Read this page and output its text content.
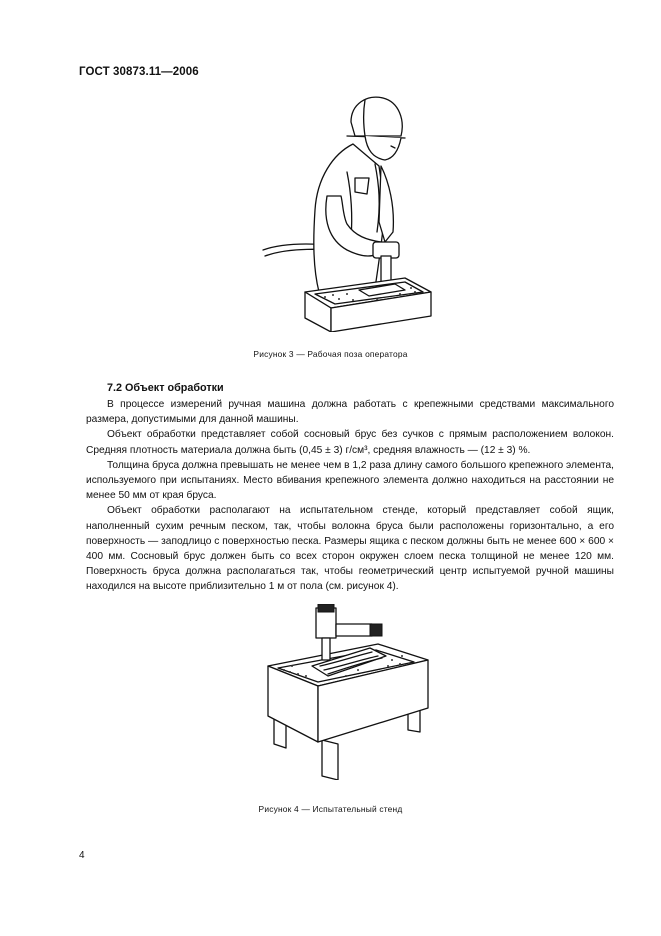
ГОСТ 30873.11—2006
Рисунок 3 — Рабочая поза оператора
7.2 Объект обработки

В процессе измерений ручная машина должна работать с крепежными средствами максимального размера, допустимыми для данной машины.

Объект обработки представляет собой сосновый брус без сучков с прямым расположением волокон. Средняя плотность материала должна быть (0,45 ± 3) г/см³, средняя влажность — (12 ± 3) %.

Толщина бруса должна превышать не менее чем в 1,2 раза длину самого большого крепежного элемента, используемого при испытаниях. Место вбивания крепежного элемента должно находиться на расстоянии не менее 50 мм от края бруса.

Объект обработки располагают на испытательном стенде, который представляет собой ящик, наполненный сухим речным песком, так, чтобы волокна бруса были расположены горизонтально, а его поверхность — заподлицо с поверхностью песка. Размеры ящика с песком должны быть не менее 600 × 600 × 400 мм. Сосновый брус должен быть со всех сторон окружен слоем песка толщиной не менее 120 мм. Поверхность бруса должна располагаться так, чтобы геометрический центр испытуемой ручной машины находился на высоте приблизительно 1 м от пола (см. рисунок 4).

Рисунок 4 — Испытательный стенд
4
